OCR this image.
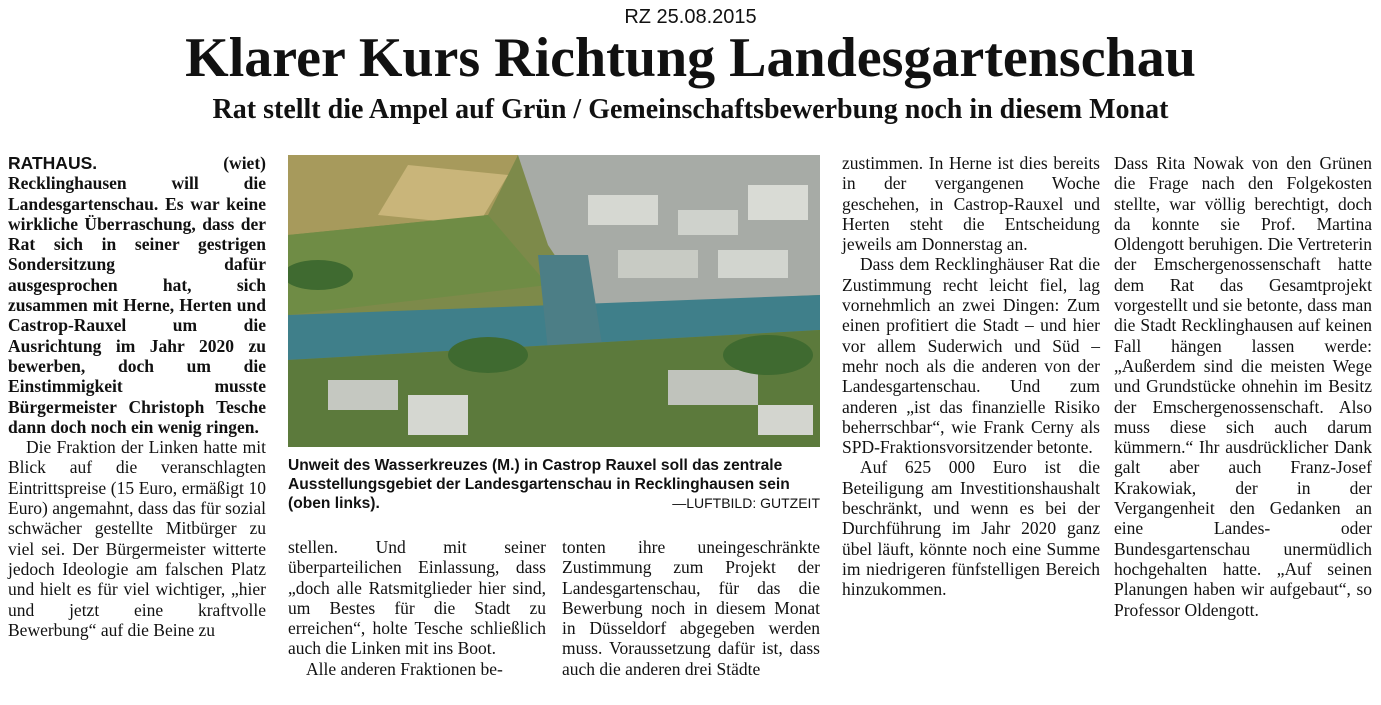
RZ 25.08.2015
Klarer Kurs Richtung Landesgartenschau
Rat stellt die Ampel auf Grün / Gemeinschaftsbewerbung noch in diesem Monat

RATHAUS.	(wiet) Recklinghausen will die Landesgartenschau. Es war keine wirkliche Überraschung, dass der Rat sich in seiner gestrigen Sondersitzung dafür ausgesprochen hat, sich zusammen mit Herne, Herten und Castrop-Rauxel um die Ausrichtung im Jahr 2020 zu bewerben, doch um die Einstimmigkeit musste Bürgermeister Christoph Tesche dann doch noch ein wenig ringen.

Die Fraktion der Linken hatte mit Blick auf die veranschlagten Eintrittspreise (15 Euro, ermäßigt 10 Euro) angemahnt, dass das für sozial schwächer gestellte Mitbürger zu viel sei. Der Bürgermeister witterte jedoch Ideologie am falschen Platz und hielt es für viel wichtiger, „hier und jetzt eine kraftvolle Bewerbung“ auf die Beine zu

Unweit des Wasserkreuzes (M.) in Castrop Rauxel soll das zentrale Ausstellungsgebiet der Landesgartenschau in Recklinghausen sein (oben links).	—LUFTBILD: GUTZEIT

stellen. Und mit seiner überparteilichen Einlassung, dass „doch alle Ratsmitglieder hier sind, um Bestes für die Stadt zu erreichen“, holte Tesche schließlich auch die Linken mit ins Boot.

Alle anderen Fraktionen be-

tonten ihre uneingeschränkte Zustimmung zum Projekt der Landesgartenschau, für das die Bewerbung noch in diesem Monat in Düsseldorf abgegeben werden muss. Voraussetzung dafür ist, dass auch die anderen drei Städte

zustimmen. In Herne ist dies bereits in der vergangenen Woche geschehen, in Castrop-Rauxel und Herten steht die Entscheidung jeweils am Donnerstag an.

Dass dem Recklinghäuser Rat die Zustimmung recht leicht fiel, lag vornehmlich an zwei Dingen: Zum einen profitiert die Stadt – und hier vor allem Suderwich und Süd – mehr noch als die anderen von der Landesgartenschau. Und zum anderen „ist das finanzielle Risiko beherrschbar“, wie Frank Cerny als SPD-Fraktionsvorsitzender betonte.

Auf 625 000 Euro ist die Beteiligung am Investitionshaushalt beschränkt, und wenn es bei der Durchführung im Jahr 2020 ganz übel läuft, könnte noch eine Summe im niedrigeren fünfstelligen Bereich hinzukommen.

Dass Rita Nowak von den Grünen die Frage nach den Folgekosten stellte, war völlig berechtigt, doch da konnte sie Prof. Martina Oldengott beruhigen. Die Vertreterin der Emschergenossenschaft hatte dem Rat das Gesamtprojekt vorgestellt und sie betonte, dass man die Stadt Recklinghausen auf keinen Fall hängen lassen werde: „Außerdem sind die meisten Wege und Grundstücke ohnehin im Besitz der Emschergenossenschaft. Also muss diese sich auch darum kümmern.“ Ihr ausdrücklicher Dank galt aber auch Franz-Josef Krakowiak, der in der Vergangenheit den Gedanken an eine Landes- oder Bundesgartenschau unermüdlich hochgehalten hatte. „Auf seinen Planungen haben wir aufgebaut“, so Professor Oldengott.
